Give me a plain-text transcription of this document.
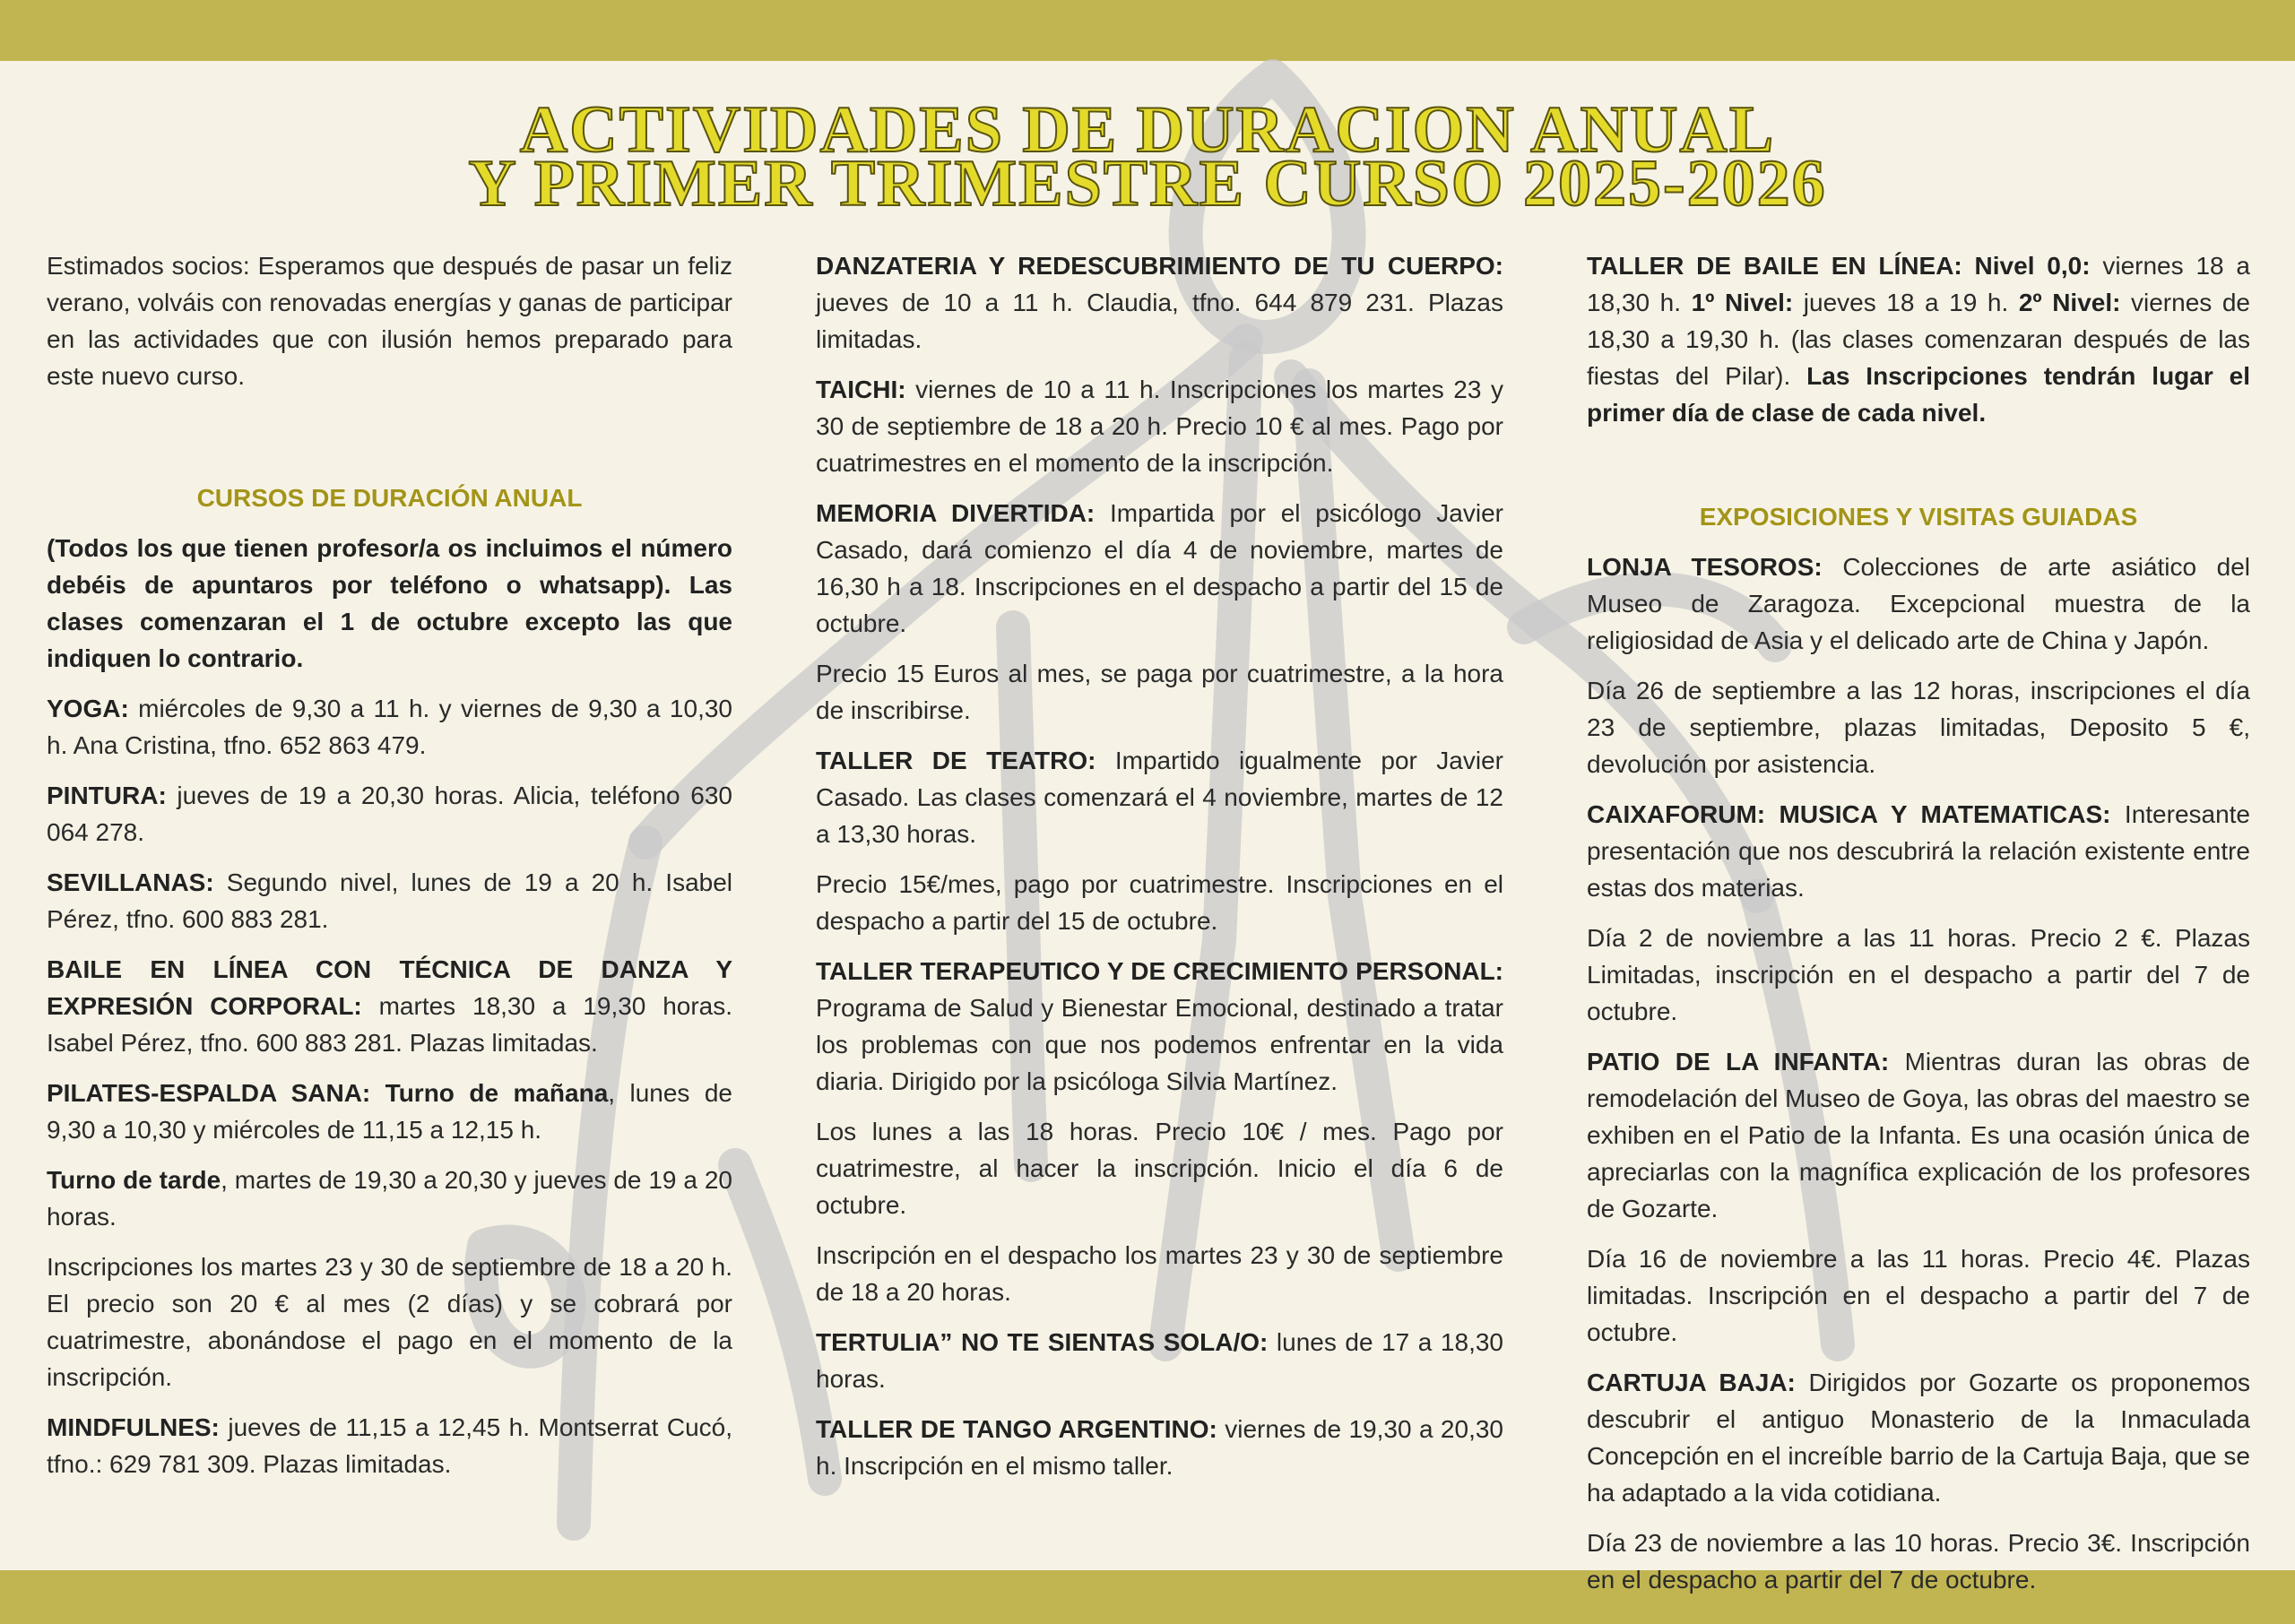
ACTIVIDADES DE DURACION ANUAL
Y PRIMER TRIMESTRE CURSO 2025-2026

Estimados socios: Esperamos que después de pasar un feliz verano, volváis con renovadas energías y ganas de participar en las actividades que con ilusión hemos preparado para este nuevo curso.

CURSOS DE DURACIÓN ANUAL

(Todos los que tienen profesor/a os incluimos el número debéis de apuntaros por teléfono o whatsapp). Las clases comenzaran el 1 de octubre excepto las que indiquen lo contrario.

YOGA: miércoles de 9,30 a 11 h. y viernes de 9,30 a 10,30 h. Ana Cristina, tfno. 652 863 479.

PINTURA: jueves de 19 a 20,30 horas. Alicia, teléfono 630 064 278.

SEVILLANAS: Segundo nivel, lunes de 19 a 20 h. Isabel Pérez, tfno. 600 883 281.

BAILE EN LÍNEA CON TÉCNICA DE DANZA Y EXPRESIÓN CORPORAL: martes 18,30 a 19,30 horas. Isabel Pérez, tfno. 600 883 281. Plazas limitadas.

PILATES-ESPALDA SANA: Turno de mañana, lunes de 9,30 a 10,30 y miércoles de 11,15 a 12,15 h.

Turno de tarde, martes de 19,30 a 20,30 y jueves de 19 a 20 horas.

Inscripciones los martes 23 y 30 de septiembre de 18 a 20 h. El precio son 20 € al mes (2 días) y se cobrará por cuatrimestre, abonándose el pago en el momento de la inscripción.

MINDFULNES: jueves de 11,15 a 12,45 h. Montserrat Cucó, tfno.: 629 781 309. Plazas limitadas.

DANZATERIA Y REDESCUBRIMIENTO DE TU CUERPO: jueves de 10 a 11 h. Claudia, tfno. 644 879 231. Plazas limitadas.

TAICHI: viernes de 10 a 11 h. Inscripciones los martes 23 y 30 de septiembre de 18 a 20 h. Precio 10 € al mes. Pago por cuatrimestres en el momento de la inscripción.

MEMORIA DIVERTIDA: Impartida por el psicólogo Javier Casado, dará comienzo el día 4 de noviembre, martes de 16,30 h a 18. Inscripciones en el despacho a partir del 15 de octubre.

Precio 15 Euros al mes, se paga por cuatrimestre, a la hora de inscribirse.

TALLER DE TEATRO: Impartido igualmente por Javier Casado. Las clases comenzará el 4 noviembre, martes de 12 a 13,30 horas.

Precio 15€/mes, pago por cuatrimestre. Inscripciones en el despacho a partir del 15 de octubre.

TALLER TERAPEUTICO Y DE CRECIMIENTO PERSONAL: Programa de Salud y Bienestar Emocional, destinado a tratar los problemas con que nos podemos enfrentar en la vida diaria. Dirigido por la psicóloga Silvia Martínez.

Los lunes a las 18 horas. Precio 10€ / mes. Pago por cuatrimestre, al hacer la inscripción. Inicio el día 6 de octubre.

Inscripción en el despacho los martes 23 y 30 de septiembre de 18 a 20 horas.

TERTULIA” NO TE SIENTAS SOLA/O: lunes de 17 a 18,30 horas.

TALLER DE TANGO ARGENTINO: viernes de 19,30 a 20,30 h. Inscripción en el mismo taller.

TALLER DE BAILE EN LÍNEA: Nivel 0,0: viernes 18 a 18,30 h. 1º Nivel: jueves 18 a 19 h. 2º Nivel: viernes de 18,30 a 19,30 h. (las clases comenzaran después de las fiestas del Pilar). Las Inscripciones tendrán lugar el primer día de clase de cada nivel.

EXPOSICIONES Y VISITAS GUIADAS

LONJA TESOROS: Colecciones de arte asiático del Museo de Zaragoza. Excepcional muestra de la religiosidad de Asia y el delicado arte de China y Japón.

Día 26 de septiembre a las 12 horas, inscripciones el día 23 de septiembre, plazas limitadas, Deposito 5 €, devolución por asistencia.

CAIXAFORUM: MUSICA Y MATEMATICAS: Interesante presentación que nos descubrirá la relación existente entre estas dos materias.

Día 2 de noviembre a las 11 horas. Precio 2 €. Plazas Limitadas, inscripción en el despacho a partir del 7 de octubre.

PATIO DE LA INFANTA: Mientras duran las obras de remodelación del Museo de Goya, las obras del maestro se exhiben en el Patio de la Infanta. Es una ocasión única de apreciarlas con la magnífica explicación de los profesores de Gozarte.

Día 16 de noviembre a las 11 horas. Precio 4€. Plazas limitadas. Inscripción en el despacho a partir del 7 de octubre.

CARTUJA BAJA: Dirigidos por Gozarte os proponemos descubrir el antiguo Monasterio de la Inmaculada Concepción en el increíble barrio de la Cartuja Baja, que se ha adaptado a la vida cotidiana.

Día 23 de noviembre a las 10 horas. Precio 3€. Inscripción en el despacho a partir del 7 de octubre.
